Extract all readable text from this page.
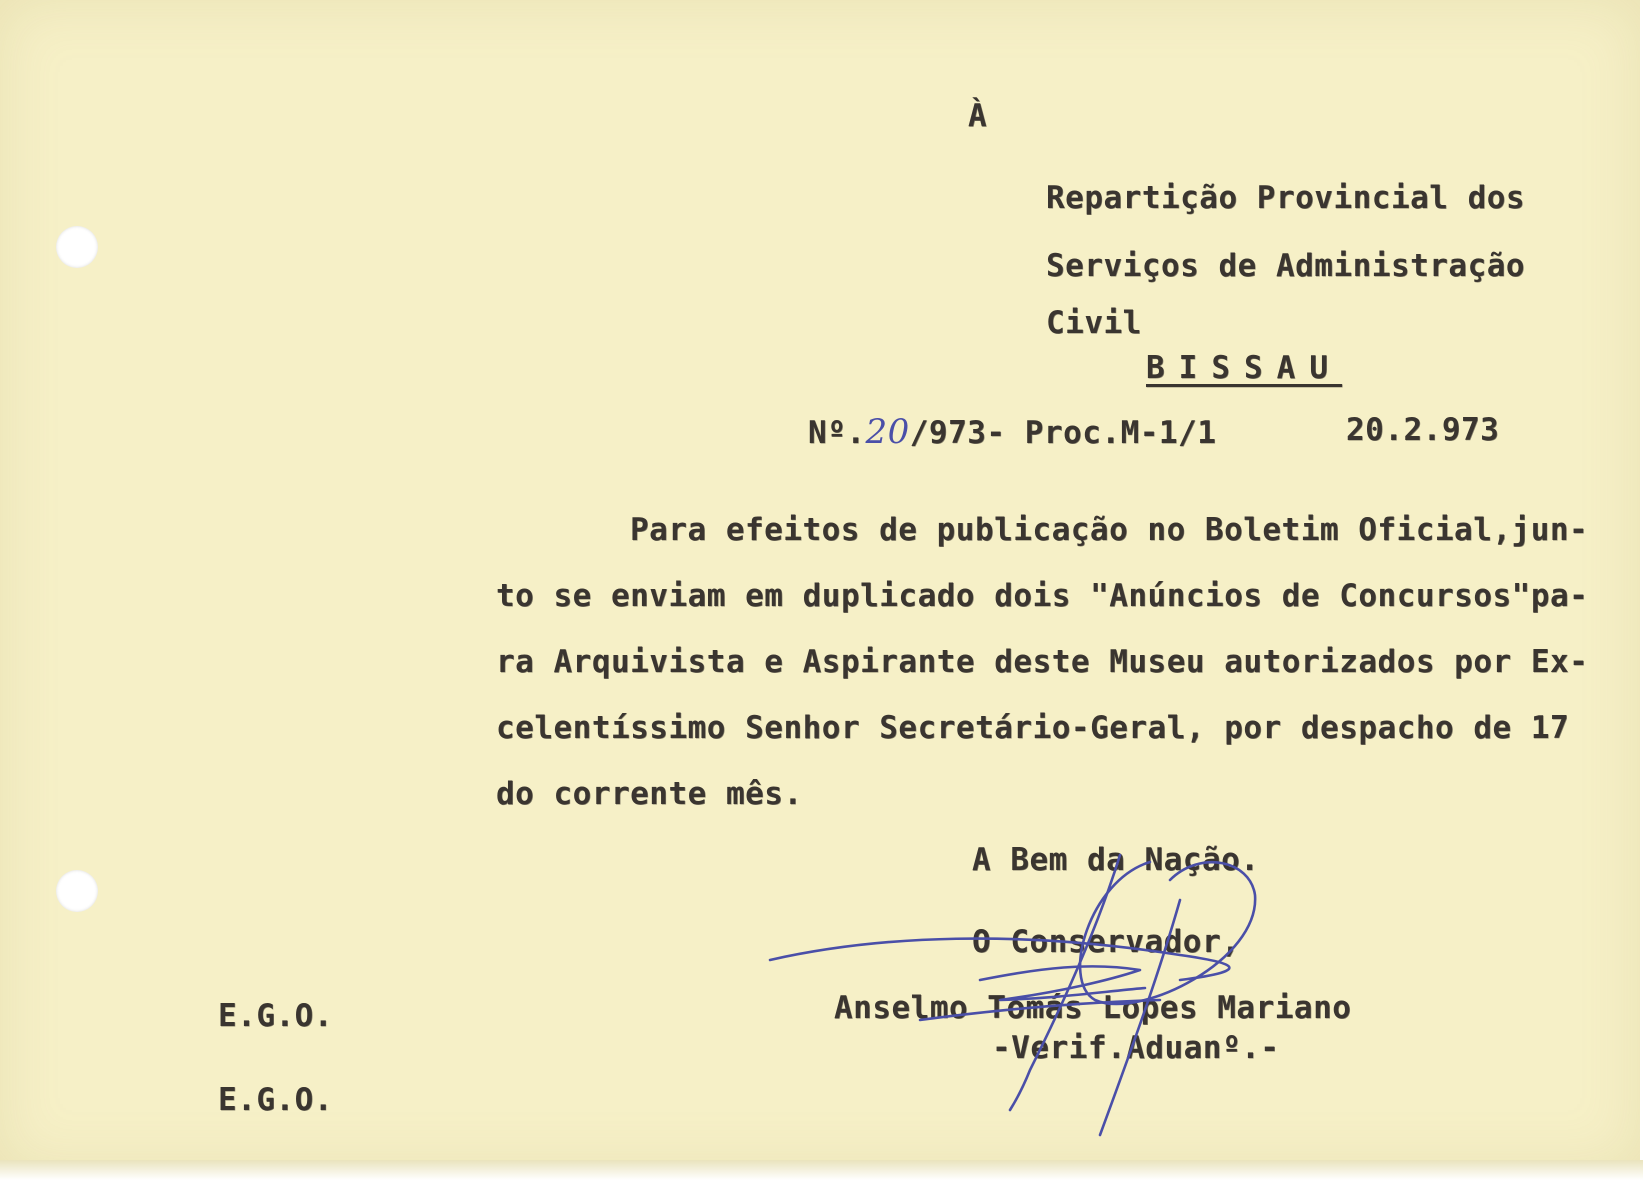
À
Repartição Provincial dos
Serviços de Administração
Civil
BISSAU
Nº.20/973- Proc.M-1/1	20.2.973
Para efeitos de publicação no Boletim Oficial,jun-
to se enviam em duplicado dois "Anúncios de Concursos"pa-
ra Arquivista e Aspirante deste Museu autorizados por Ex-
celentíssimo Senhor Secretário-Geral, por despacho de 17
do corrente mês.
A Bem da Nação.
O Conservador,
Anselmo Tomás Lopes Mariano
-Verif.Aduanº.-
E.G.O.
E.G.O.
